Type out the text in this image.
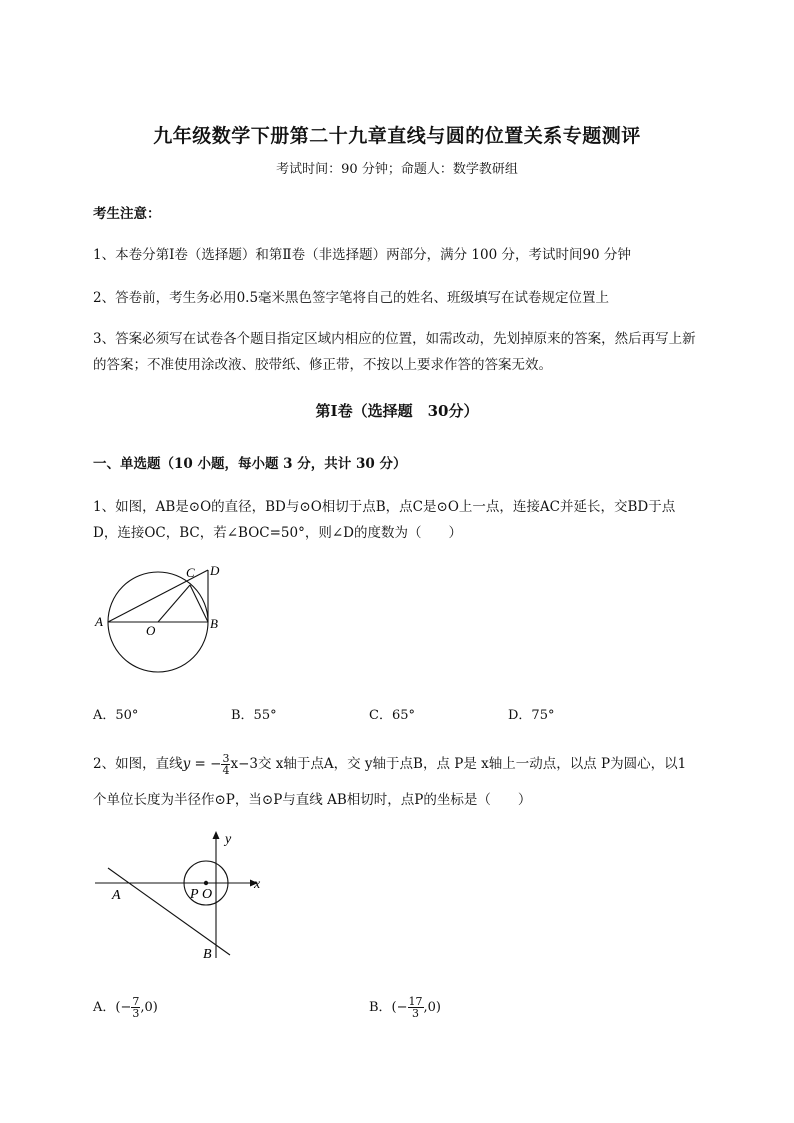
九年级数学下册第二十九章直线与圆的位置关系专题测评
考试时间：90 分钟；命题人：数学教研组
考生注意：
1、本卷分第Ⅰ卷（选择题）和第Ⅱ卷（非选择题）两部分，满分 100 分，考试时间90 分钟
2、答卷前，考生务必用0.5毫米黑色签字笔将自己的姓名、班级填写在试卷规定位置上
3、答案必须写在试卷各个题目指定区域内相应的位置，如需改动，先划掉原来的答案，然后再写上新
的答案；不准使用涂改液、胶带纸、修正带，不按以上要求作答的答案无效。
第Ⅰ卷（选择题　30分）
一、单选题（10 小题，每小题 3 分，共计 30 分）
1、如图，AB是⊙O的直径，BD与⊙O相切于点B，点C是⊙O上一点，连接AC并延长，交BD于点
D，连接OC，BC，若∠BOC=50°，则∠D的度数为（　　）
A	B
C D
O
A．50°	B．55°	C．65°	D．75°
2、如图，直线y = − $\frac{3}{4} x-3$交 x轴于点A，交 y轴于点B，点 P是 x轴上一动点，以点 P为圆心，以1
个单位长度为半径作⊙P，当⊙P与直线 AB相切时，点P的坐标是（　　）
y
x
A
B
P O
A．(− $\frac{7}{3} ,0$)	B．(− $\frac{17}{3} ,0$)
